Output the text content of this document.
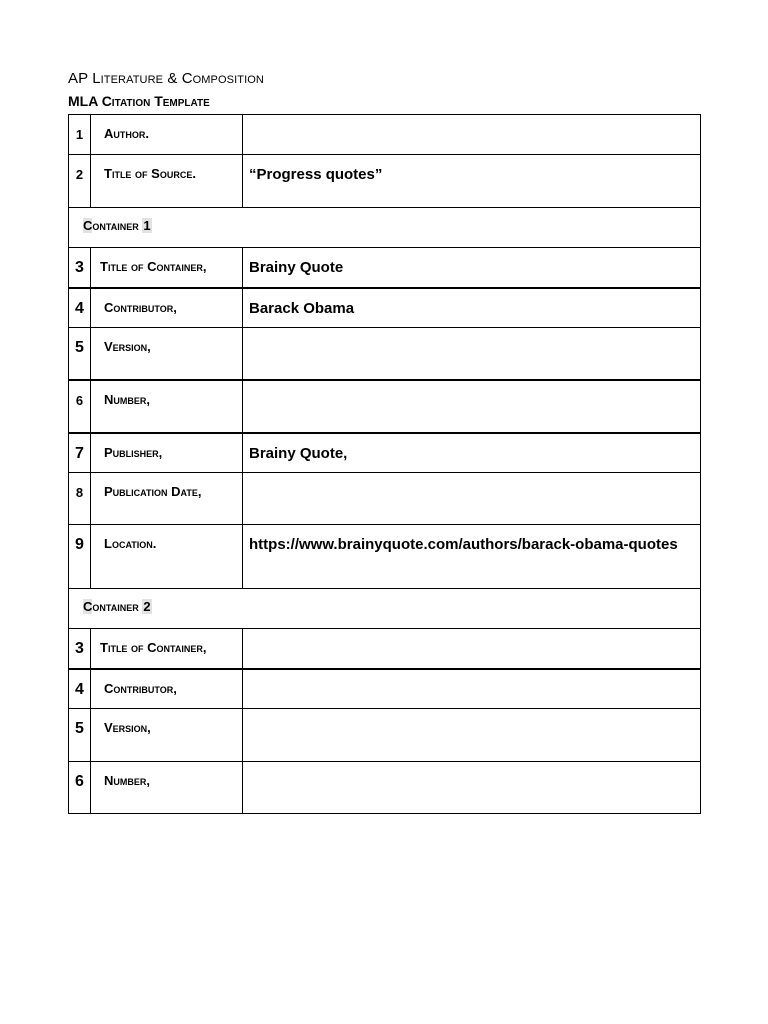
AP Literature & Composition
MLA Citation Template
1	Author.	
2	Title of Source.	“Progress quotes”
Container 1		
3	Title of Container,	Brainy Quote
4	Contributor,	Barack Obama
5	Version,	
6	Number,	
7	Publisher,	Brainy Quote,
8	Publication Date,	
9	Location.	https://www.brainyquote.com/authors/barack-obama-quotes
Container 2		
3	Title of Container,	
4	Contributor,	
5	Version,	
6	Number,	
